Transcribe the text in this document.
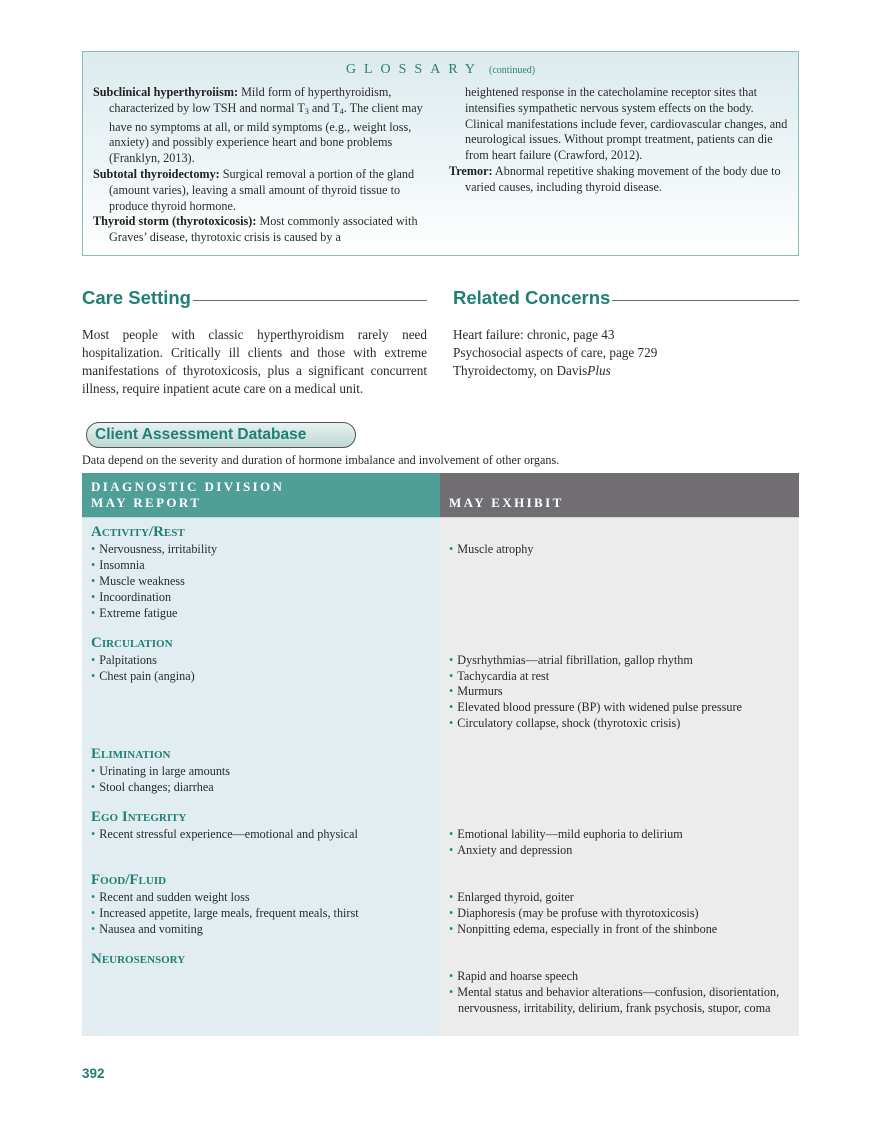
GLOSSARY (continued)
Subclinical hyperthyroiism: Mild form of hyperthyroidism, characterized by low TSH and normal $T_3$ and $T_4$. The client may have no symptoms at all, or mild symptoms (e.g., weight loss, anxiety) and possibly experience heart and bone problems (Franklyn, 2013).
Subtotal thyroidectomy: Surgical removal a portion of the gland (amount varies), leaving a small amount of thyroid tissue to produce thyroid hormone.
Thyroid storm (thyrotoxicosis): Most commonly associated with Graves’ disease, thyrotoxic crisis is caused by a
heightened response in the catecholamine receptor sites that intensifies sympathetic nervous system effects on the body. Clinical manifestations include fever, cardiovascular changes, and neurological issues. Without prompt treatment, patients can die from heart failure (Crawford, 2012).
Tremor: Abnormal repetitive shaking movement of the body due to varied causes, including thyroid disease.
Care Setting
Most people with classic hyperthyroidism rarely need hospitalization. Critically ill clients and those with extreme manifestations of thyrotoxicosis, plus a significant concurrent illness, require inpatient acute care on a medical unit.
Related Concerns
Heart failure: chronic, page 43
Psychosocial aspects of care, page 729
Thyroidectomy, on DavisPlus
Client Assessment Database
Data depend on the severity and duration of hormone imbalance and involvement of other organs.
DIAGNOSTIC DIVISION
MAY REPORT	MAY EXHIBIT
Activity/Rest
• Nervousness, irritability
• Insomnia
• Muscle weakness
• Incoordination
• Extreme fatigue
• Muscle atrophy
Circulation
• Palpitations
• Chest pain (angina)
• Dysrhythmias—atrial fibrillation, gallop rhythm
• Tachycardia at rest
• Murmurs
• Elevated blood pressure (BP) with widened pulse pressure
• Circulatory collapse, shock (thyrotoxic crisis)
Elimination
• Urinating in large amounts
• Stool changes; diarrhea
Ego Integrity
• Recent stressful experience—emotional and physical	• Emotional lability—mild euphoria to delirium
• Anxiety and depression
Food/Fluid
• Recent and sudden weight loss
• Increased appetite, large meals, frequent meals, thirst
• Nausea and vomiting
• Enlarged thyroid, goiter
• Diaphoresis (may be profuse with thyrotoxicosis)
• Nonpitting edema, especially in front of the shinbone
Neurosensory
• Rapid and hoarse speech
• Mental status and behavior alterations—confusion, disorientation, nervousness, irritability, delirium, frank psychosis, stupor, coma
392
